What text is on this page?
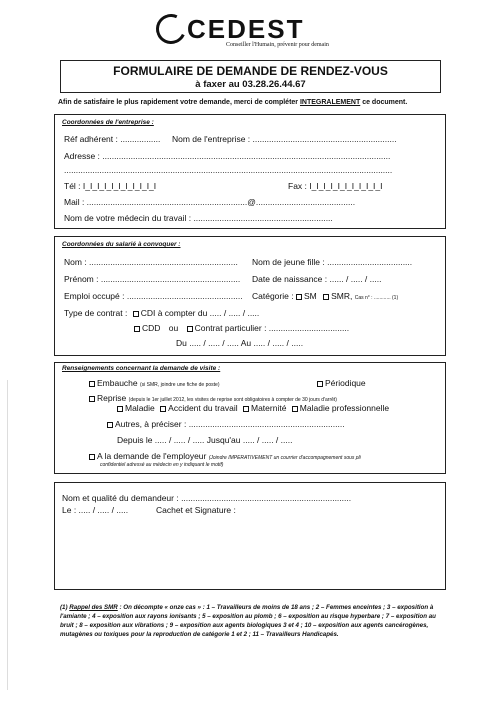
CEDEST
Conseiller l'Humain, prévenir pour demain
FORMULAIRE DE DEMANDE DE RENDEZ-VOUS
à faxer au 03.28.26.44.67
Afin de satisfaire le plus rapidement votre demande, merci de compléter INTEGRALEMENT ce document.
Coordonnées de l'entreprise :
Réf adhérent : ................. Nom de l'entreprise : .............................................................
Adresse : ..........................................................................................................................
...........................................................................................................................................
Tél : I_I_I_I_I_I_I_I_I_I_I	Fax : I_I_I_I_I_I_I_I_I_I_I
Mail : ....................................................................@..........................................
Nom de votre médecin du travail : ...........................................................
Coordonnées du salarié à convoquer :
Nom : ............................................................... Nom de jeune fille : ....................................
Prénom : ........................................................... Date de naissance : ...... / ..... / .....
Emploi occupé : ................................................. Catégorie : SM SMR, Cas n° : ............ (1)
Type de contrat : CDI à compter du ..... / ..... / .....
CDD ou Contrat particulier : ..................................
Du ..... / ..... / ..... Au ..... / ..... / .....
Renseignements concernant la demande de visite :
Embauche (si SMR, joindre une fiche de poste)	Périodique
Reprise (depuis le 1er juillet 2012, les visites de reprise sont obligatoires à compter de 30 jours d'arrêt)
Maladie Accident du travail Maternité Maladie professionnelle
Autres, à préciser : ..................................................................
Depuis le ..... / ..... / ..... Jusqu'au ..... / ..... / .....
A la demande de l'employeur (Joindre IMPERATIVEMENT un courrier d'accompagnement sous pli
confidentiel adressé au médecin en y indiquant le motif)
Nom et qualité du demandeur : ........................................................................
Le : ..... / ..... / .....	Cachet et Signature :
(1) Rappel des SMR : On décompte « onze cas » : 1 – Travailleurs de moins de 18 ans ; 2 – Femmes enceintes ; 3 – exposition à l'amiante ; 4 – exposition aux rayons ionisants ; 5 – exposition au plomb ; 6 – exposition au risque hyperbare ; 7 – exposition au bruit ; 8 – exposition aux vibrations ; 9 – exposition aux agents biologiques 3 et 4 ; 10 – exposition aux agents cancérogènes, mutagènes ou toxiques pour la reproduction de catégorie 1 et 2 ; 11 – Travailleurs Handicapés.
